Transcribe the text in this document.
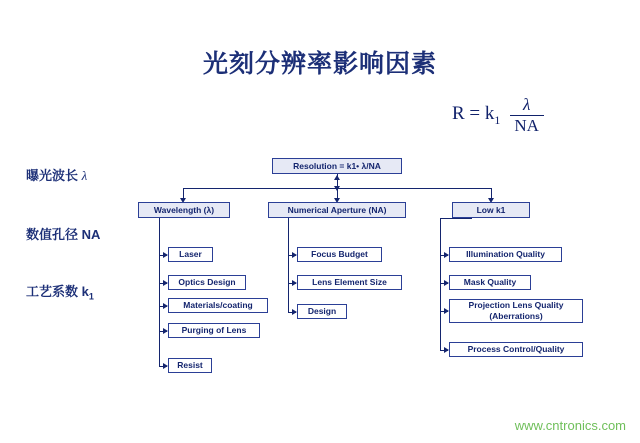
光刻分辨率影响因素
$R = k_1 \frac{\lambda}{NA}$
曝光波长 λ
数值孔径 NA
工艺系数 $k_1$
Resolution = k1• λ/NA
Wavelength (λ)
Laser
Optics Design
Materials/coating
Purging of Lens
Resist
Numerical Aperture (NA)
Focus Budget
Lens Element Size
Design
Low k1
Illumination Quality
Mask Quality
Projection Lens Quality (Aberrations)
Process Control/Quality
www.cntronics.com
